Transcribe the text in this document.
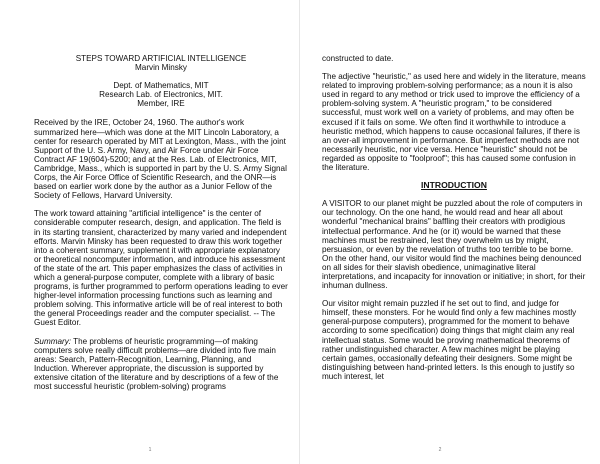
STEPS TOWARD ARTIFICIAL INTELLIGENCE
Marvin Minsky
Dept. of Mathematics, MIT
Research Lab. of Electronics, MIT.
Member, IRE

Received by the IRE, October 24, 1960. The author's work summarized here—which was done at the MIT Lincoln Laboratory, a center for research operated by MIT at Lexington, Mass., with the joint Support of the U. S. Army, Navy, and Air Force under Air Force Contract AF 19(604)-5200; and at the Res. Lab. of Electronics, MIT, Cambridge, Mass., which is supported in part by the U. S. Army Signal Corps, the Air Force Office of Scientific Research, and the ONR—is based on earlier work done by the author as a Junior Fellow of the Society of Fellows, Harvard University.

The work toward attaining "artificial intelligence" is the center of considerable computer research, design, and application. The field is in its starting transient, characterized by many varied and independent efforts. Marvin Minsky has been requested to draw this work together into a coherent summary, supplement it with appropriate explanatory or theoretical noncomputer information, and introduce his assessment of the state of the art. This paper emphasizes the class of activities in which a general-purpose computer, complete with a library of basic programs, is further programmed to perform operations leading to ever higher-level information processing functions such as learning and problem solving. This informative article will be of real interest to both the general Proceedings reader and the computer specialist. -- The Guest Editor.

Summary: The problems of heuristic programming—of making computers solve really difficult problems—are divided into five main areas: Search, Pattern-Recognition, Learning, Planning, and Induction. Wherever appropriate, the discussion is supported by extensive citation of the literature and by descriptions of a few of the most successful heuristic (problem-solving) programs

1

constructed to date.

The adjective "heuristic," as used here and widely in the literature, means related to improving problem-solving performance; as a noun it is also used in regard to any method or trick used to improve the efficiency of a problem-solving system. A "heuristic program," to be considered successful, must work well on a variety of problems, and may often be excused if it fails on some. We often find it worthwhile to introduce a heuristic method, which happens to cause occasional failures, if there is an over-all improvement in performance. But imperfect methods are not necessarily heuristic, nor vice versa. Hence "heuristic" should not be regarded as opposite to "foolproof"; this has caused some confusion in the literature.

INTRODUCTION

A VISITOR to our planet might be puzzled about the role of computers in our technology. On the one hand, he would read and hear all about wonderful "mechanical brains" baffling their creators with prodigious intellectual performance. And he (or it) would be warned that these machines must be restrained, lest they overwhelm us by might, persuasion, or even by the revelation of truths too terrible to be borne. On the other hand, our visitor would find the machines being denounced on all sides for their slavish obedience, unimaginative literal interpretations, and incapacity for innovation or initiative; in short, for their inhuman dullness.

Our visitor might remain puzzled if he set out to find, and judge for himself, these monsters. For he would find only a few machines mostly general-purpose computers), programmed for the moment to behave according to some specification) doing things that might claim any real intellectual status. Some would be proving mathematical theorems of rather undistinguished character. A few machines might be playing certain games, occasionally defeating their designers. Some might be distinguishing between hand-printed letters. Is this enough to justify so much interest, let

2
